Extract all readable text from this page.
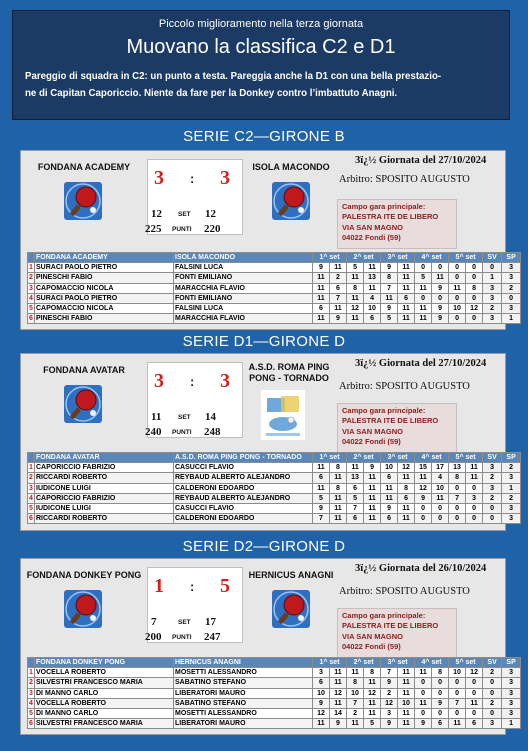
Piccolo miglioramento nella terza giornata
Muovano la classifica C2 e D1
Pareggio di squadra in C2: un punto a testa. Pareggia anche la D1 con una bella prestazio-
ne di Capitan Caporiccio. Niente da fare per la Donkey contro l’imbattuto Anagni.
SERIE C2—GIRONE B
FONDANA ACADEMY	3 : 3
12 SET 12
225 PUNTI 220
ISOLA MACONDO
3ï¿½ Giornata del 27/10/2024
Arbitro: SPOSITO AUGUSTO
Campo gara principale:
PALESTRA ITE DE LIBERO
VIA SAN MAGNO
04022 Fondi (59)
	FONDANA ACADEMY	ISOLA MACONDO	1^ set		2^ set		3^ set		4^ set		5^ set		SV	SP
1	SURACI PAOLO PIETRO	FALSINI LUCA	9	11	5	11	9	11	0	0	0	0	0	3
2	PINESCHI FABIO	FONTI EMILIANO	11	2	11	13	8	11	5	11	0	0	1	3
3	CAPOMACCIO NICOLA	MARACCHIA FLAVIO	11	6	8	11	7	11	11	9	11	8	3	2
4	SURACI PAOLO PIETRO	FONTI EMILIANO	11	7	11	4	11	6	0	0	0	0	3	0
5	CAPOMACCIO NICOLA	FALSINI LUCA	6	11	12	10	9	11	11	9	10	12	2	3
6	PINESCHI FABIO	MARACCHIA FLAVIO	11	9	11	6	5	11	11	9	0	0	3	1
SERIE D1—GIRONE D
FONDANA AVATAR	3 : 3
11	SET 14
240 PUNTI 248
A.S.D. ROMA PING PONG - TORNADO
3ï¿½ Giornata del 27/10/2024
Arbitro: SPOSITO AUGUSTO
Campo gara principale:
PALESTRA ITE DE LIBERO
VIA SAN MAGNO
04022 Fondi (59)
	FONDANA AVATAR	A.S.D. ROMA PING PONG - TORNADO	1^ set		2^ set		3^ set		4^ set		5^ set		SV	SP
1	CAPORICCIO FABRIZIO	CASUCCI FLAVIO	11	8	11	9	10	12	15	17	13	11	3	2
2	RICCARDI ROBERTO	REYBAUD ALBERTO ALEJANDRO	6	11	13	11	6	11	11	4	8	11	2	3
3	IUDICONE LUIGI	CALDERONI EDOARDO	11	8	6	11	11	8	12	10	0	0	3	1
4	CAPORICCIO FABRIZIO	REYBAUD ALBERTO ALEJANDRO	5	11	5	11	11	6	9	11	7	3	2	2
5	IUDICONE LUIGI	CASUCCI FLAVIO	9	11	7	11	9	11	0	0	0	0	0	3
6	RICCARDI ROBERTO	CALDERONI EDOARDO	7	11	6	11	6	11	0	0	0	0	0	3
SERIE D2—GIRONE D
FONDANA DONKEY PONG 1 : 5
7	SET 17
200 PUNTI 247
HERNICUS ANAGNI
3ï¿½ Giornata del 26/10/2024
Arbitro: SPOSITO AUGUSTO
Campo gara principale:
PALESTRA ITE DE LIBERO
VIA SAN MAGNO
04022 Fondi (59)
	FONDANA DONKEY PONG	HERNICUS ANAGNI	1^ set		2^ set		3^ set		4^ set		5^ set		SV	SP
1	VOCELLA ROBERTO	MOSETTI ALESSANDRO	3	11	11	8	7	11	11	8	10	12	2	3
2	SILVESTRI FRANCESCO MARIA	SABATINO STEFANO	6	11	8	11	9	11	0	0	0	0	0	3
3	DI MANNO CARLO	LIBERATORI MAURO	10	12	10	12	2	11	0	0	0	0	0	3
4	VOCELLA ROBERTO	SABATINO STEFANO	9	11	7	11	12	10	11	9	7	11	2	3
5	DI MANNO CARLO	MOSETTI ALESSANDRO	12	14	2	11	3	11	0	0	0	0	0	3
6	SILVESTRI FRANCESCO MARIA	LIBERATORI MAURO	11	9	11	5	9	11	9	6	11	6	3	1
